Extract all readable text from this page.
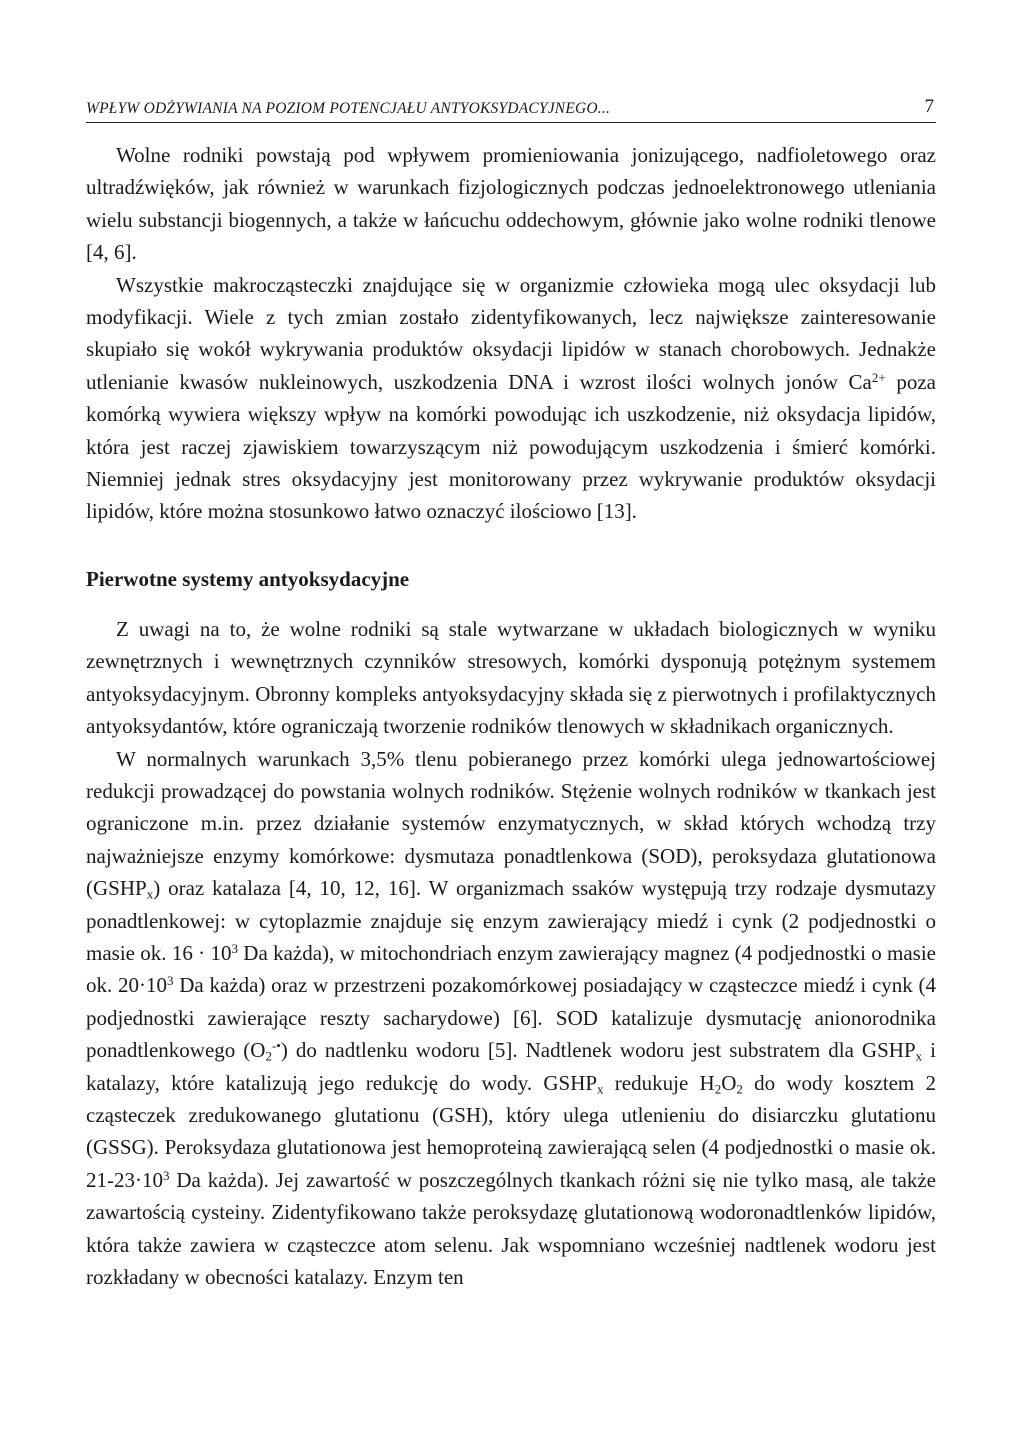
WPŁYW ODŻYWIANIA NA POZIOM POTENCJAŁU ANTYOKSYDACYJNEGO...	7

Wolne rodniki powstają pod wpływem promieniowania jonizującego, nadfioletowego oraz ultradźwięków, jak również w warunkach fizjologicznych podczas jednoelektronowego utleniania wielu substancji biogennych, a także w łańcuchu oddechowym, głównie jako wolne rodniki tlenowe [4, 6].

Wszystkie makrocząsteczki znajdujące się w organizmie człowieka mogą ulec oksydacji lub modyfikacji. Wiele z tych zmian zostało zidentyfikowanych, lecz największe zainteresowanie skupiało się wokół wykrywania produktów oksydacji lipidów w stanach chorobowych. Jednakże utlenianie kwasów nukleinowych, uszkodzenia DNA i wzrost ilości wolnych jonów $Ca^{2+}$ poza komórką wywiera większy wpływ na komórki powodując ich uszkodzenie, niż oksydacja lipidów, która jest raczej zjawiskiem towarzyszącym niż powodującym uszkodzenia i śmierć komórki. Niemniej jednak stres oksydacyjny jest monitorowany przez wykrywanie produktów oksydacji lipidów, które można stosunkowo łatwo oznaczyć ilościowo [13].

Pierwotne systemy antyoksydacyjne

Z uwagi na to, że wolne rodniki są stale wytwarzane w układach biologicznych w wyniku zewnętrznych i wewnętrznych czynników stresowych, komórki dysponują potężnym systemem antyoksydacyjnym. Obronny kompleks antyoksydacyjny składa się z pierwotnych i profilaktycznych antyoksydantów, które ograniczają tworzenie rodników tlenowych w składnikach organicznych.

W normalnych warunkach 3,5% tlenu pobieranego przez komórki ulega jednowartościowej redukcji prowadzącej do powstania wolnych rodników. Stężenie wolnych rodników w tkankach jest ograniczone m.in. przez działanie systemów enzymatycznych, w skład których wchodzą trzy najważniejsze enzymy komórkowe: dysmutaza ponadtlenkowa (SOD), peroksydaza glutationowa $(GSHP_x)$ oraz katalaza [4, 10, 12, 16]. W organizmach ssaków występują trzy rodzaje dysmutazy ponadtlenkowej: w cytoplazmie znajduje się enzym zawierający miedź i cynk (2 podjednostki o masie ok. $16 \cdot 10^3$ Da każda), w mitochondriach enzym zawierający magnez (4 podjednostki o masie ok. $20\cdot 10^3$ Da każda) oraz w przestrzeni pozakomórkowej posiadający w cząsteczce miedź i cynk (4 podjednostki zawierające reszty sacharydowe) [6]. SOD katalizuje dysmutację anionorodnika ponadtlenkowego $(O_2^{-•})$ do nadtlenku wodoru [5]. Nadtlenek wodoru jest substratem dla $GSHP_x$ i katalazy, które katalizują jego redukcję do wody. $GSHP_x$ redukuje $H_2O_2$ do wody kosztem 2 cząsteczek zredukowanego glutationu (GSH), który ulega utlenieniu do disiarczku glutationu (GSSG). Peroksydaza glutationowa jest hemoproteiną zawierającą selen (4 podjednostki o masie ok. $21-23\cdot 10^3$ Da każda). Jej zawartość w poszczególnych tkankach różni się nie tylko masą, ale także zawartością cysteiny. Zidentyfikowano także peroksydazę glutationową wodoronadtlenków lipidów, która także zawiera w cząsteczce atom selenu. Jak wspomniano wcześniej nadtlenek wodoru jest rozkładany w obecności katalazy. Enzym ten
